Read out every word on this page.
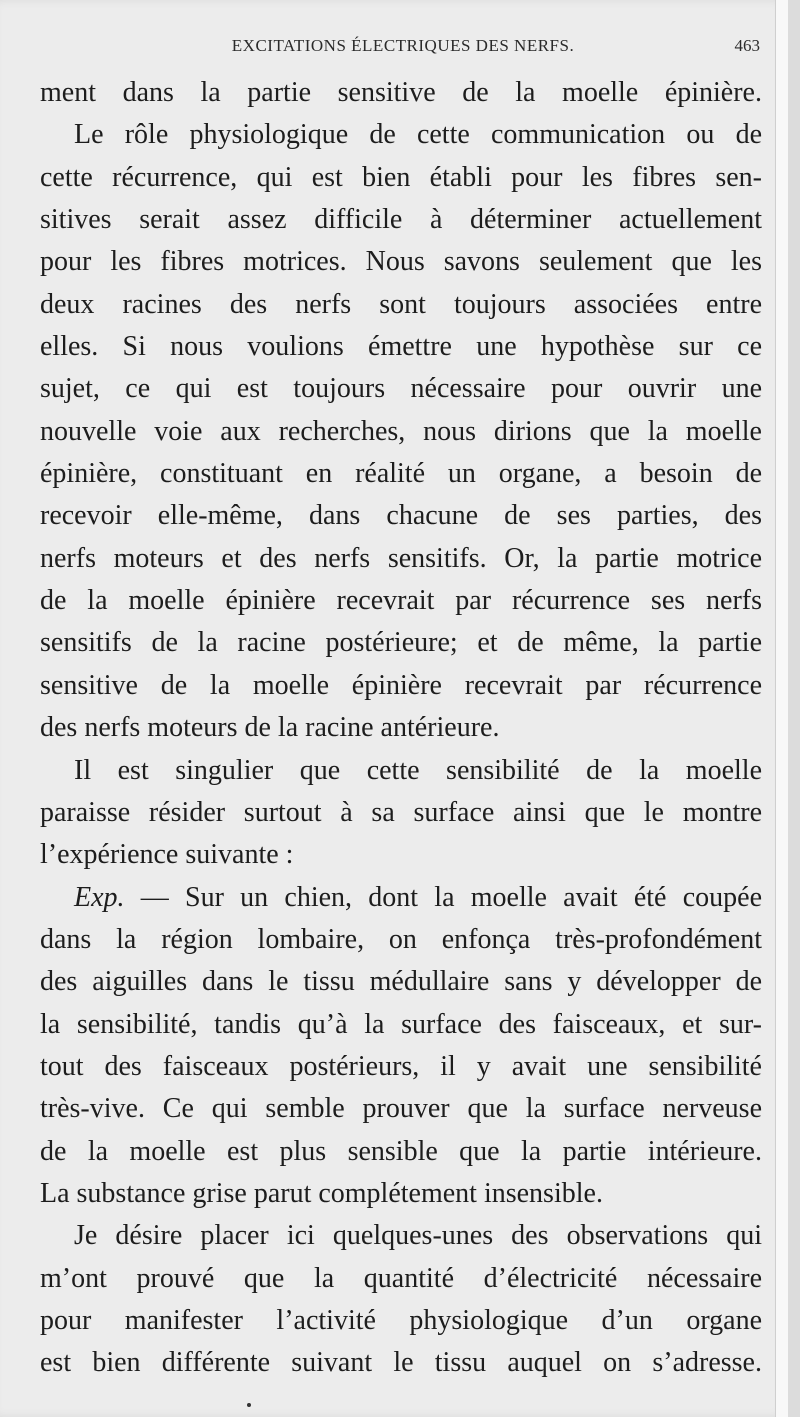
EXCITATIONS ÉLECTRIQUES DES NERFS.	463
ment dans la partie sensitive de la moelle épinière.
Le rôle physiologique de cette communication ou de
cette récurrence, qui est bien établi pour les fibres sen-
sitives serait assez difficile à déterminer actuellement
pour les fibres motrices. Nous savons seulement que les
deux racines des nerfs sont toujours associées entre
elles. Si nous voulions émettre une hypothèse sur ce
sujet, ce qui est toujours nécessaire pour ouvrir une
nouvelle voie aux recherches, nous dirions que la moelle
épinière, constituant en réalité un organe, a besoin de
recevoir elle-même, dans chacune de ses parties, des
nerfs moteurs et des nerfs sensitifs. Or, la partie motrice
de la moelle épinière recevrait par récurrence ses nerfs
sensitifs de la racine postérieure; et de même, la partie
sensitive de la moelle épinière recevrait par récurrence
des nerfs moteurs de la racine antérieure.
Il est singulier que cette sensibilité de la moelle
paraisse résider surtout à sa surface ainsi que le montre
l’expérience suivante :
Exp. — Sur un chien, dont la moelle avait été coupée
dans la région lombaire, on enfonça très-profondément
des aiguilles dans le tissu médullaire sans y développer de
la sensibilité, tandis qu’à la surface des faisceaux, et sur-
tout des faisceaux postérieurs, il y avait une sensibilité
très-vive. Ce qui semble prouver que la surface nerveuse
de la moelle est plus sensible que la partie intérieure.
La substance grise parut complétement insensible.
Je désire placer ici quelques-unes des observations qui
m’ont prouvé que la quantité d’électricité nécessaire
pour manifester l’activité physiologique d’un organe
est bien différente suivant le tissu auquel on s’adresse.
